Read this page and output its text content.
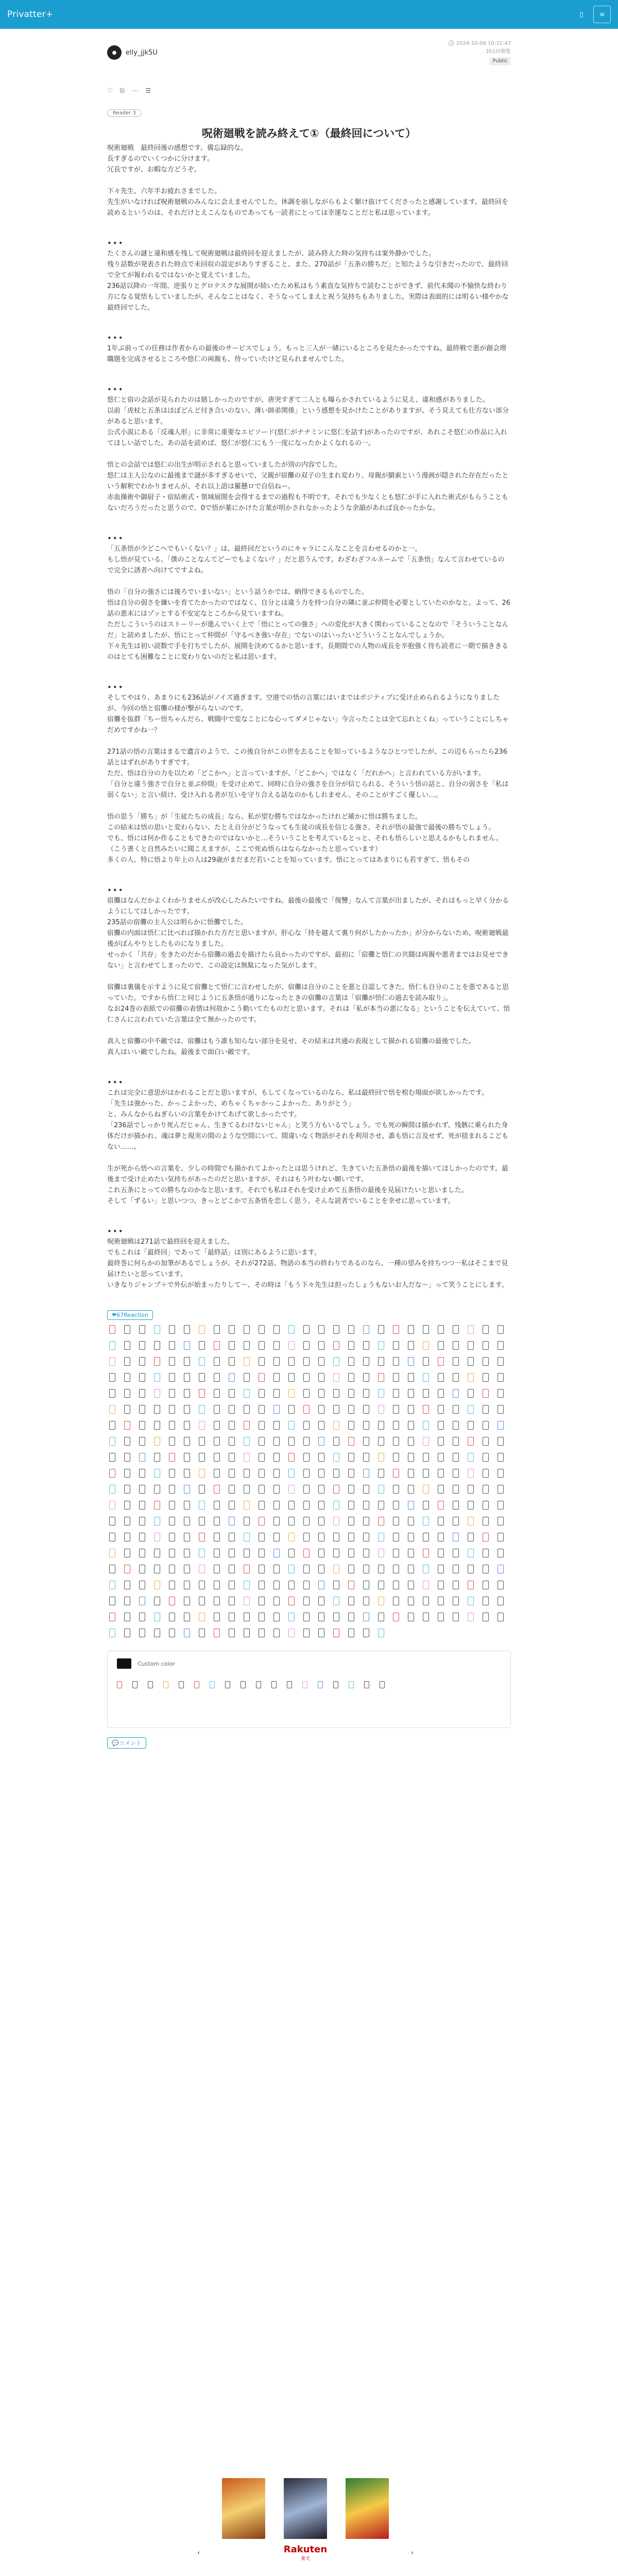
Privatter+	▯	≡
●	elly_jjk5U
🕒 2024-10-08 10:31:47
351回閲覧
Public
♡ ⎘ ⋯ ☰
Reader 3
呪術廻戦を読み終えて①（最終回について）

呪術廻戦　最終回後の感想です。備忘録的な。

長すぎるのでいくつかに分けます。

冗長ですが、お暇な方どうぞ。

下々先生、六年半お疲れさまでした。

先生がいなければ呪術廻戦のみんなに会えませんでした。休調を崩しながらもよく駆け抜けてくださったと感謝しています。最終回を読めるというのは、それだけとえこんなものであっても一読者にとっては幸運なことだと私は思っています。

•••

たくさんの謎と違和感を残して呪術廻戦は最終回を迎えましたが、読み終えた時の気持ちは案外静かでした。

残り話数が発表された時点で未回収の設定がありすぎること、また、270話が「五条の勝ちだ」と知たような引きだったので、最終回で全てが報われるではないかと覚えていました。

236話以降の一年間、逆張りとグロテスクな展開が続いたため私はもう素直な気持ちで読むことができず、前代未聞の不愉快な終わり方になる覚悟もしていましたが、そんなことはなく、そうなってしまえと祝う気持ちもありました。実際は表面的には明るい様やかな最終回でした。

•••

1年ぶ前っての任務は作者からの最後のサービスでしょう。もっと三人が一緒にいるところを見たかったですね。最終戦で悪が創会理職題を完成させるところや悠仁の両親も、待っていたけど見られませんでした。

•••

悠仁と宿の会話が見られたのは嬉しかったのですが、唐突すぎて二人とも曝らかされているように見え、違和感がありました。

以前「虎杖と五条はほぼどんど付き合いのない、薄い師弟関係」という感想を見かけたことがありますが、そう見えても仕方ない部分があると思います。

公式小説にある「反魂人形」に非常に重要なエピソード(悠仁がナナミンに悠仁を話す)があったのですが、あれこそ悠仁の作品に入れてほしい話でした。あの話を読めば、悠仁が悠仁にもう一度になったかよくなれるの一。

悟との会話では悠仁の出生が明示されると思っていましたが別の内容でした。

悠仁は主人公なのに最後まで謎が多すぎるせいで、父親が宿儺の双子の生まれ変わり、母親が羂索という漫画が隠された存在だったという解釈でわかりませんが、それ以上語は羅懸ロで自信ねー。

赤血操術や御厨子・宿結術式・領域展開を会得するまでの過程も不明です。それでも少なくとも悠仁が手に入れた術式がもらうこともないだろうだったと思うので、0で悟が薬にかけた言葉が明かされなかったような余韻があれば良かったかな。

•••

「五条悟が少どこへでもいくない？」は、最終回だというのにキャラにこんなことを言わせるのかと一。

もし悟が見ている、「僕のことなんてどーでもよくない？」だと思うんです。わざわざフルネームで「五条悟」なんて言わせているので完全に誘者へ向けてですよね。

悟の「自分の強さには後ろでいまいない」という話うかでは、納得できるものでした。

悟は自分の弱さを嫌いを育てたかったのではなく、自分とは違う力を持つ自分の隣に並ぶ仲間を必要としていたのかなと。よって、26話の悪末にはゾッとする不安定なところから見ていますね。

ただしこういうのはストーリーが進んでいく上で「悟にとっての強さ」への変化が大きく関わっていることなので「そういうことなんだ」と読めましたが、悟にとって仲間が「守るべき強い存在」でないのはいったいどういうことなんでしょうか。

下々先生は初い読数で手を打ちでしたが、展開を決めてるかと思います。長期間での人物の成長を辛抱強く待ち読者に一期で描ききるのはとても困難なことに変わりないのだと私は思います。

•••

そしてやはり、あまりにも236話がノイズ過ぎます。空港での悟の言葉にはいまではポジティブに受け止められるようになりましたが、今回の悟と宿儺の様が撃がらないのです。

宿儺を抜群「ちー悟ちゃんだら、戦闘中で変なことにな心ってダメじゃない」今言ったことは全て忘れとくね」っていうことにしちゃだめですかね一？

271話の悟の言葉はまるで遺言のようで、この後自分がこの世を去ることを知っているようなひとつでしたが、この辺もらったら236話とはずれがありすぎです。

ただ、悟は自分の力を以ため「どこかへ」と言っていますが、「どこかへ」ではなく「だれかへ」と言われている方がいます。

「自分と違う強さで自分と並ぶ仲間」を受け止めて、同時に自分の強さを自分が信じられる、そういう悟の話と、自分の弱さを「私は弱くない」と言い続け、受け入れる者が互いを守り合える話なのかもしれません。そのことがすごく優しい…。

悟の思う「勝ち」が「生徒たちの成長」なら、私が望む勝ちではなかったけれど確かに悟は勝ちました。

この結末は悟の思いと変わらない、たとえ自分がどうなっても生徒の成長を信じる強さ、それが悟の最強で最後の勝ちでしょう。

でも、悟には何か作ることもできたのではないかと…そういうことを考えているとっと、それも悟らしいと思えるかもしれません。

（こう書くと自然みたいに聞こえますが、ここで死ぬ悟らはならなかったと思っています）

多くの人、特に悟より年上の人は29歳がまだまだ若いことを知っています。悟にとってはあまりにも若すぎて、悟もその

•••

宿儺はなんだかよくわかりませんが改心したみたいですね。最後の最後で「復讐」なんて言葉が出ましたが、それはもっと早く分かるようにしてほしかったです。

235話の宿儺の主人公は明らかに悟儺でした。

宿儺の内面は悟仁に比べれば描かれた方だと思いますが、肝心な「持を越えて裏り何がしたかったか」が分からないため、呪術廻戦最後がぼんやりとしたものになりました。

せっかく「共存」をきたのだから宿儺の過去を描けたら良かったのですが、最初に「宿儺と悟仁の共闘は両親や悪者まではお見せできない」と言わせてしまったので、この設定は無駄になった気がします。

宿儺は裏儀を示すように見て宿儺とて悟仁に言わせしたが、宿儺は自分のことを悪と自認してきた。悟仁も自分のことを悪であると思っていた。ですから悟仁と同じように五条悟が通りになったときの宿儺の言葉は「宿儺が悟仁の過去を読み取り」。

なお24巻の表紙での宿儺の表情は何故かこう動いてたものだと思います。それは「私が本当の悪になる」ということを伝えていて、悟仁さんに言われていた言葉は全て無かったのです。

真人と宿儺の中不敵では、宿儺はもう誰も知らない部分を見せ、その結末は共通の表現として描かれる宿儺の最後でした。

真人はいい敵でしたね。最後まで面白い敵です。

•••

これは完全に意思がはかれることだと思いますが、もしてくなっているのなら、私は最終回で悟を棺む場面が欲しかったです。

「先生は強かった、かっこよかった、めちゃくちゃかっこよかった、ありがとう」

と、みんなからねぎらいの言葉をかけてあげて欲しかったです。

「236話でしっかり死んだじゃん、生きてるわけないじゃん」と笑う方もいるでしょう。でも死の瞬間は描かれず、残骸に乗られた身体だけが描かれ、魂は夢と現実の間のような空間にいて、間違いなく物語がそれを利用させ、誰も悟に言及せず、死が捨まれるこどもない……。

生が死から悟への言葉を、少しの時間でも描かれてよかったとは思うけれど、生きていた五条悟の最後を描いてほしかったのです。最後まで受け止めたい気持ちがあったのだと思いますが、それはもう叶わない願いです。

これ五条にとっての勝ちなのかなと思います。それでも私はそれを受け止めて五条悟の最後を見届けたいと思いました。

そして「ずるい」と思いつつ、きっとどこかで五条悟を恋しく思う、そんな読者でいることを幸せに思っています。

•••

呪術廻戦は271話で最終回を迎えました。

でもこれは「最終回」であって「最終話」は別にあるように思います。

最終巻に何らかの加筆があるでしょうが、それが272話、物語の本当の終わりであるのなら、一種の望みを持ちつつ一私はそこまで見届けたいと思っています。

いきなりジャンプ＋で外伝が始まったりして～、その時は「もう下々先生は担ったしょうもないお人だな〜」って笑うことにします。

❤67Reaction
Custom color
💬コメント
‹	Rakuten
楽天
›
